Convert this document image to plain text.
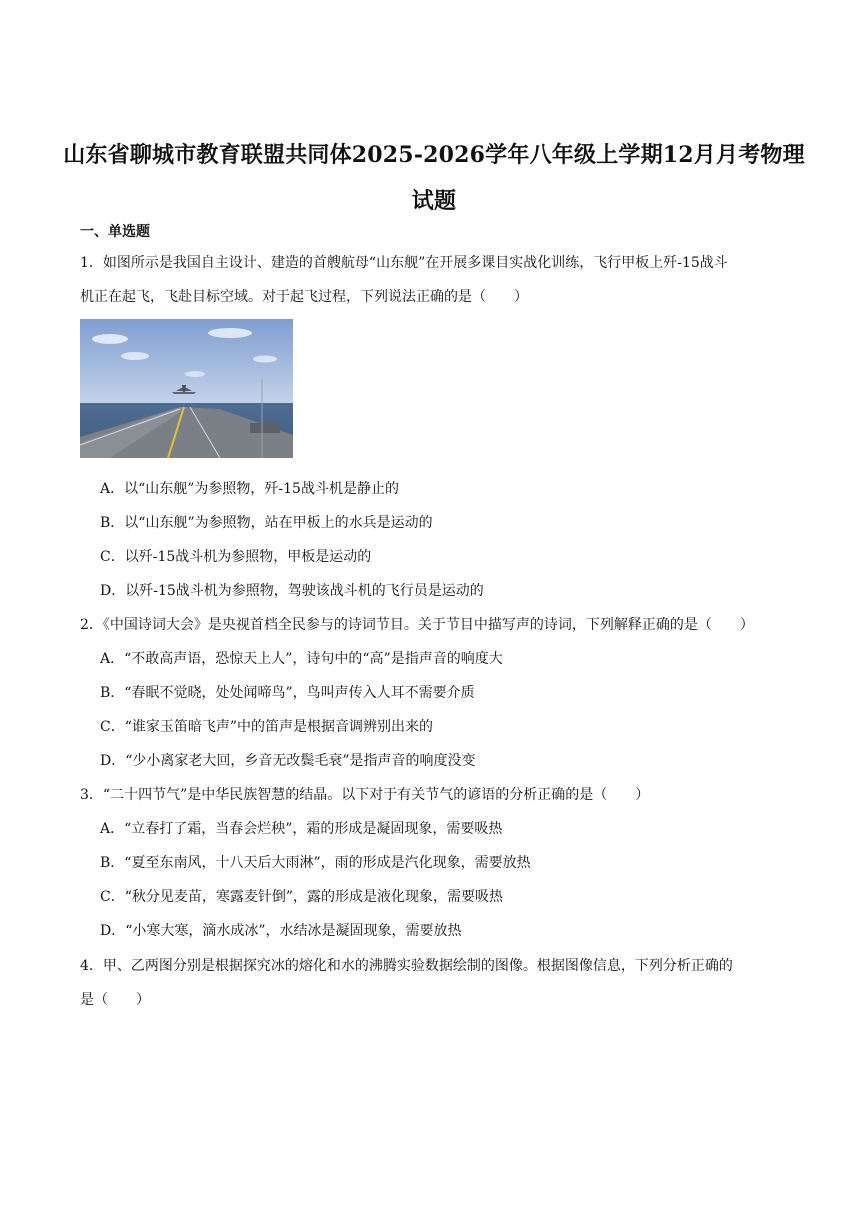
山东省聊城市教育联盟共同体2025-2026学年八年级上学期12月月考物理
试题
一、单选题
1．如图所示是我国自主设计、建造的首艘航母“山东舰”在开展多课目实战化训练，飞行甲板上歼-15战斗
机正在起飞，飞赴目标空域。对于起飞过程，下列说法正确的是（　　）
A．以“山东舰”为参照物，歼-15战斗机是静止的
B．以“山东舰”为参照物，站在甲板上的水兵是运动的
C．以歼-15战斗机为参照物，甲板是运动的
D．以歼-15战斗机为参照物，驾驶该战斗机的飞行员是运动的
2．《中国诗词大会》是央视首档全民参与的诗词节目。关于节目中描写声的诗词，下列解释正确的是（　　）
A．“不敢高声语，恐惊天上人”，诗句中的“高”是指声音的响度大
B．“春眠不觉晓，处处闻啼鸟”，鸟叫声传入人耳不需要介质
C．“谁家玉笛暗飞声”中的笛声是根据音调辨别出来的
D．“少小离家老大回，乡音无改鬓毛衰”是指声音的响度没变
3．“二十四节气”是中华民族智慧的结晶。以下对于有关节气的谚语的分析正确的是（　　）
A．“立春打了霜，当春会烂秧”，霜的形成是凝固现象，需要吸热
B．“夏至东南风，十八天后大雨淋”，雨的形成是汽化现象，需要放热
C．“秋分见麦苗，寒露麦针倒”，露的形成是液化现象，需要吸热
D．“小寒大寒，滴水成冰”，水结冰是凝固现象，需要放热
4．甲、乙两图分别是根据探究冰的熔化和水的沸腾实验数据绘制的图像。根据图像信息，下列分析正确的
是（　　）
